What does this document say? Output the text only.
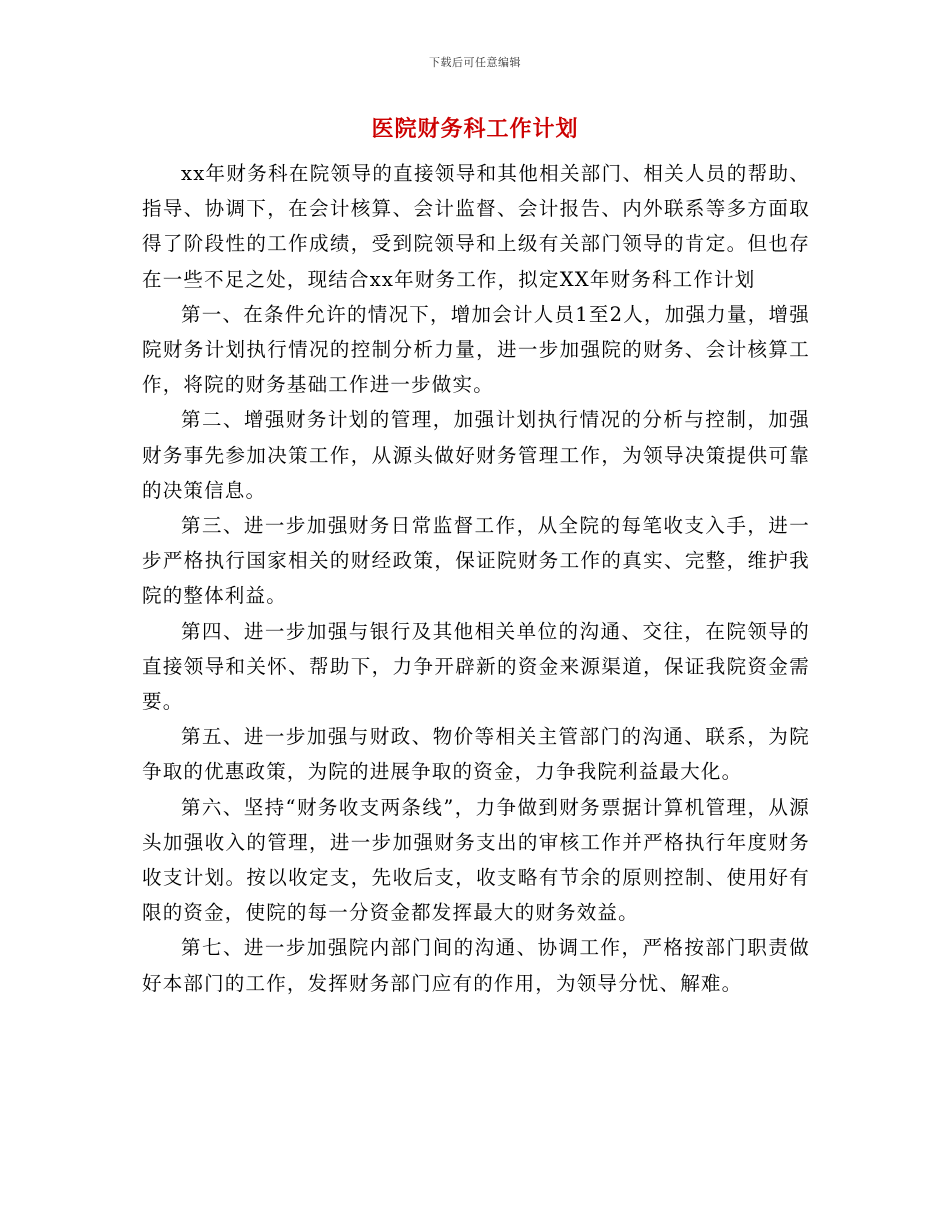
下载后可任意编辑
医院财务科工作计划

xx年财务科在院领导的直接领导和其他相关部门、相关人员的帮助、指导、协调下，在会计核算、会计监督、会计报告、内外联系等多方面取得了阶段性的工作成绩，受到院领导和上级有关部门领导的肯定。但也存在一些不足之处，现结合xx年财务工作，拟定XX年财务科工作计划

第一、在条件允许的情况下，增加会计人员1至2人，加强力量，增强院财务计划执行情况的控制分析力量，进一步加强院的财务、会计核算工作，将院的财务基础工作进一步做实。

第二、增强财务计划的管理，加强计划执行情况的分析与控制，加强财务事先参加决策工作，从源头做好财务管理工作，为领导决策提供可靠的决策信息。

第三、进一步加强财务日常监督工作，从全院的每笔收支入手，进一步严格执行国家相关的财经政策，保证院财务工作的真实、完整，维护我院的整体利益。

第四、进一步加强与银行及其他相关单位的沟通、交往，在院领导的直接领导和关怀、帮助下，力争开辟新的资金来源渠道，保证我院资金需要。

第五、进一步加强与财政、物价等相关主管部门的沟通、联系，为院争取的优惠政策，为院的进展争取的资金，力争我院利益最大化。

第六、坚持“财务收支两条线”，力争做到财务票据计算机管理，从源头加强收入的管理，进一步加强财务支出的审核工作并严格执行年度财务收支计划。按以收定支，先收后支，收支略有节余的原则控制、使用好有限的资金，使院的每一分资金都发挥最大的财务效益。

第七、进一步加强院内部门间的沟通、协调工作，严格按部门职责做好本部门的工作，发挥财务部门应有的作用，为领导分忧、解难。
